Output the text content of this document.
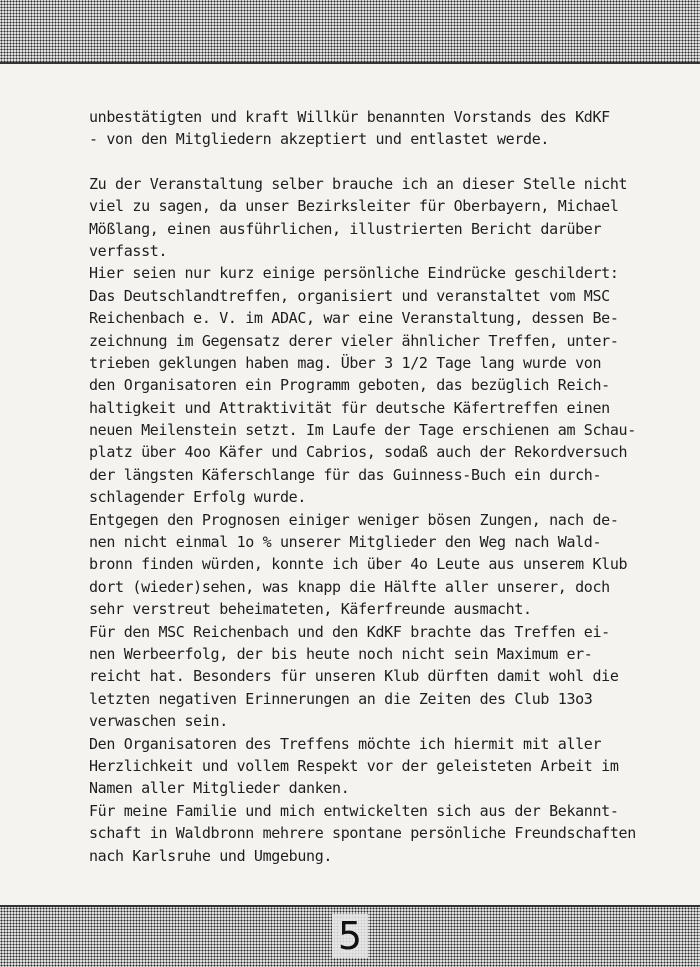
unbestätigten und kraft Willkür benannten Vorstands des KdKF
- von den Mitgliedern akzeptiert und entlastet werde.
Zu der Veranstaltung selber brauche ich an dieser Stelle nicht
viel zu sagen, da unser Bezirksleiter für Oberbayern, Michael
Mößlang, einen ausführlichen, illustrierten Bericht darüber
verfasst.
Hier seien nur kurz einige persönliche Eindrücke geschildert:
Das Deutschlandtreffen, organisiert und veranstaltet vom MSC
Reichenbach e. V. im ADAC, war eine Veranstaltung, dessen Be-
zeichnung im Gegensatz derer vieler ähnlicher Treffen, unter-
trieben geklungen haben mag. Über 3 1/2 Tage lang wurde von
den Organisatoren ein Programm geboten, das bezüglich Reich-
haltigkeit und Attraktivität für deutsche Käfertreffen einen
neuen Meilenstein setzt. Im Laufe der Tage erschienen am Schau-
platz über 4oo Käfer und Cabrios, sodaß auch der Rekordversuch
der längsten Käferschlange für das Guinness-Buch ein durch-
schlagender Erfolg wurde.
Entgegen den Prognosen einiger weniger bösen Zungen, nach de-
nen nicht einmal 1o % unserer Mitglieder den Weg nach Wald-
bronn finden würden, konnte ich über 4o Leute aus unserem Klub
dort (wieder)sehen, was knapp die Hälfte aller unserer, doch
sehr verstreut beheimateten, Käferfreunde ausmacht.
Für den MSC Reichenbach und den KdKF brachte das Treffen ei-
nen Werbeerfolg, der bis heute noch nicht sein Maximum er-
reicht hat. Besonders für unseren Klub dürften damit wohl die
letzten negativen Erinnerungen an die Zeiten des Club 13o3
verwaschen sein.
Den Organisatoren des Treffens möchte ich hiermit mit aller
Herzlichkeit und vollem Respekt vor der geleisteten Arbeit im
Namen aller Mitglieder danken.
Für meine Familie und mich entwickelten sich aus der Bekannt-
schaft in Waldbronn mehrere spontane persönliche Freundschaften
nach Karlsruhe und Umgebung.
5
